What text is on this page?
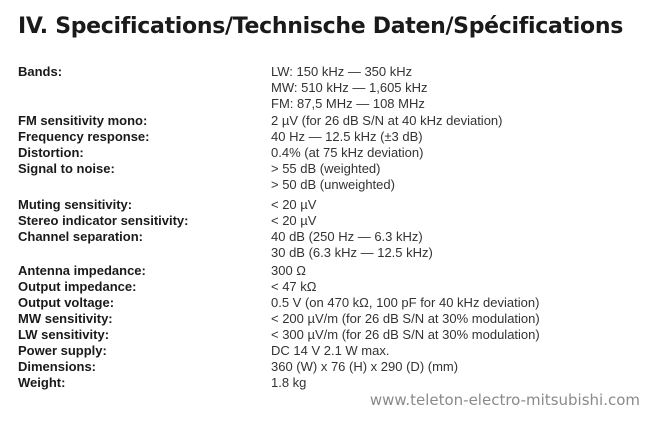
IV. Specifications/Technische Daten/Spécifications
Bands:	LW: 150 kHz — 350 kHz
MW: 510 kHz — 1,605 kHz
FM: 87,5 MHz — 108 MHz
FM sensitivity mono:	2 µV (for 26 dB S/N at 40 kHz deviation)
Frequency response:	40 Hz — 12.5 kHz (±3 dB)
Distortion:	0.4% (at 75 kHz deviation)
Signal to noise:	> 55 dB (weighted)
> 50 dB (unweighted)
Muting sensitivity:	< 20 µV
Stereo indicator sensitivity:	< 20 µV
Channel separation:	40 dB (250 Hz — 6.3 kHz)
30 dB (6.3 kHz — 12.5 kHz)
Antenna impedance:	300 Ω
Output impedance:	< 47 kΩ
Output voltage:	0.5 V (on 470 kΩ, 100 pF for 40 kHz deviation)
MW sensitivity:	< 200 µV/m (for 26 dB S/N at 30% modulation)
LW sensitivity:	< 300 µV/m (for 26 dB S/N at 30% modulation)
Power supply:	DC 14 V 2.1 W max.
Dimensions:	360 (W) x 76 (H) x 290 (D) (mm)
Weight:	1.8 kg
www.teleton-electro-mitsubishi.com
